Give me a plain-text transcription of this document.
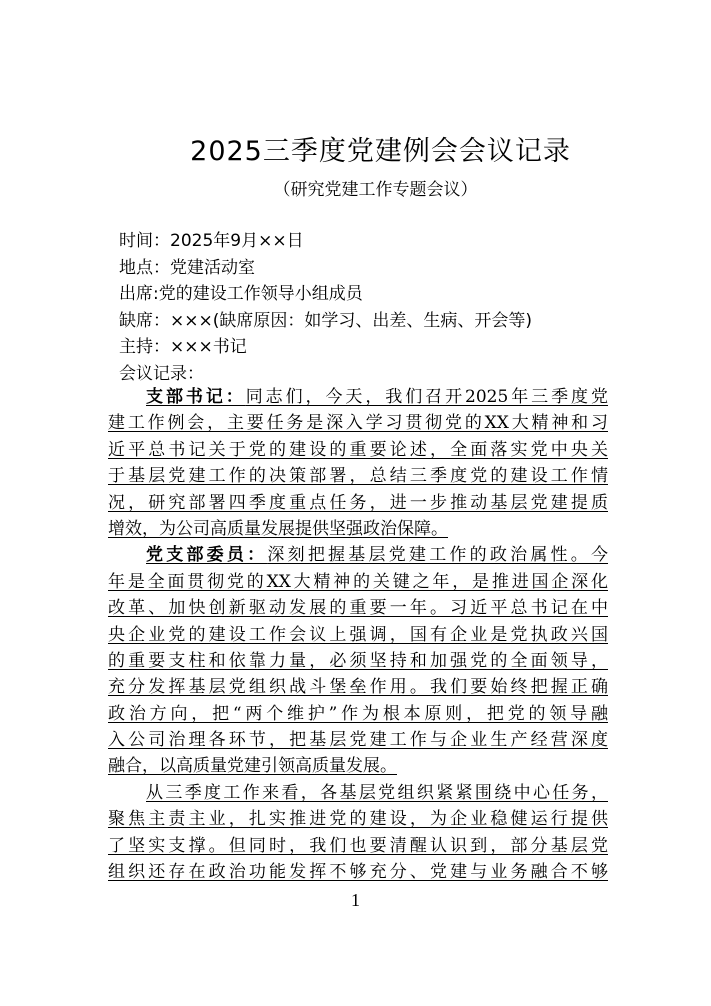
2025三季度党建例会会议记录
（研究党建工作专题会议）
时间：2025年9月××日
地点：党建活动室
出席:党的建设工作领导小组成员
缺席：×××(缺席原因：如学习、出差、生病、开会等)
主持：×××书记
会议记录：
支部书记：同志们，今天，我们召开2025年三季度党
建工作例会，主要任务是深入学习贯彻党的XX大精神和习
近平总书记关于党的建设的重要论述，全面落实党中央关
于基层党建工作的决策部署，总结三季度党的建设工作情
况，研究部署四季度重点任务，进一步推动基层党建提质
增效，为公司高质量发展提供坚强政治保障。
党支部委员：深刻把握基层党建工作的政治属性。今
年是全面贯彻党的XX大精神的关键之年，是推进国企深化
改革、加快创新驱动发展的重要一年。习近平总书记在中
央企业党的建设工作会议上强调，国有企业是党执政兴国
的重要支柱和依靠力量，必须坚持和加强党的全面领导，
充分发挥基层党组织战斗堡垒作用。我们要始终把握正确
政治方向，把“两个维护”作为根本原则，把党的领导融
入公司治理各环节，把基层党建工作与企业生产经营深度
融合，以高质量党建引领高质量发展。
从三季度工作来看，各基层党组织紧紧围绕中心任务，
聚焦主责主业，扎实推进党的建设，为企业稳健运行提供
了坚实支撑。但同时，我们也要清醒认识到，部分基层党
组织还存在政治功能发挥不够充分、党建与业务融合不够
1
